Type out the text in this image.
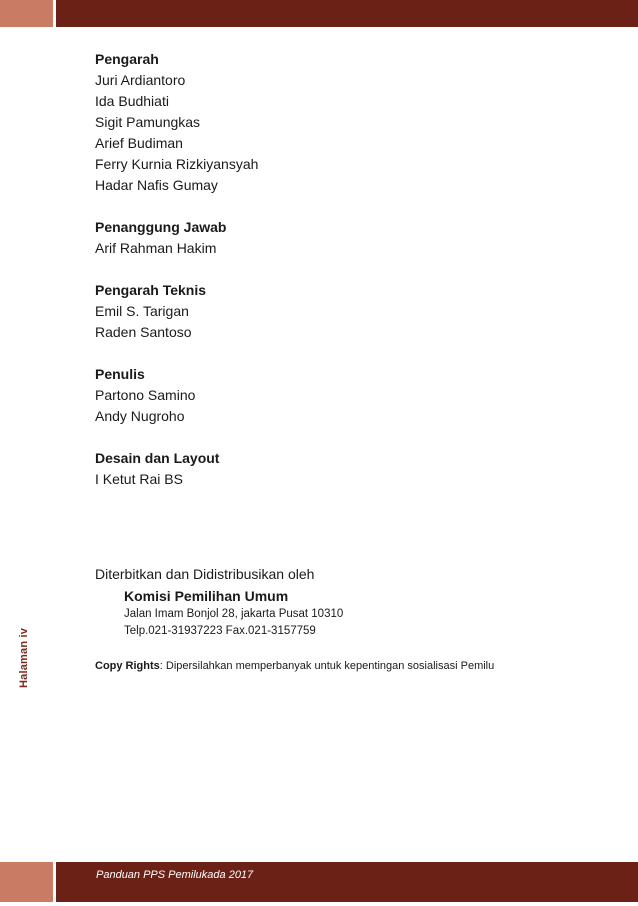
Halaman iv
Pengarah
Juri Ardiantoro
Ida Budhiati
Sigit Pamungkas
Arief Budiman
Ferry Kurnia Rizkiyansyah
Hadar Nafis Gumay
Penanggung Jawab
Arif Rahman Hakim
Pengarah Teknis
Emil S. Tarigan
Raden Santoso
Penulis
Partono Samino
Andy Nugroho
Desain dan Layout
I Ketut Rai BS
Diterbitkan dan Didistribusikan oleh
Komisi Pemilihan Umum
Jalan Imam Bonjol 28, jakarta Pusat 10310
Telp.021-31937223 Fax.021-3157759
Copy Rights: Dipersilahkan memperbanyak untuk kepentingan sosialisasi Pemilu
Panduan PPS Pemilukada 2017
